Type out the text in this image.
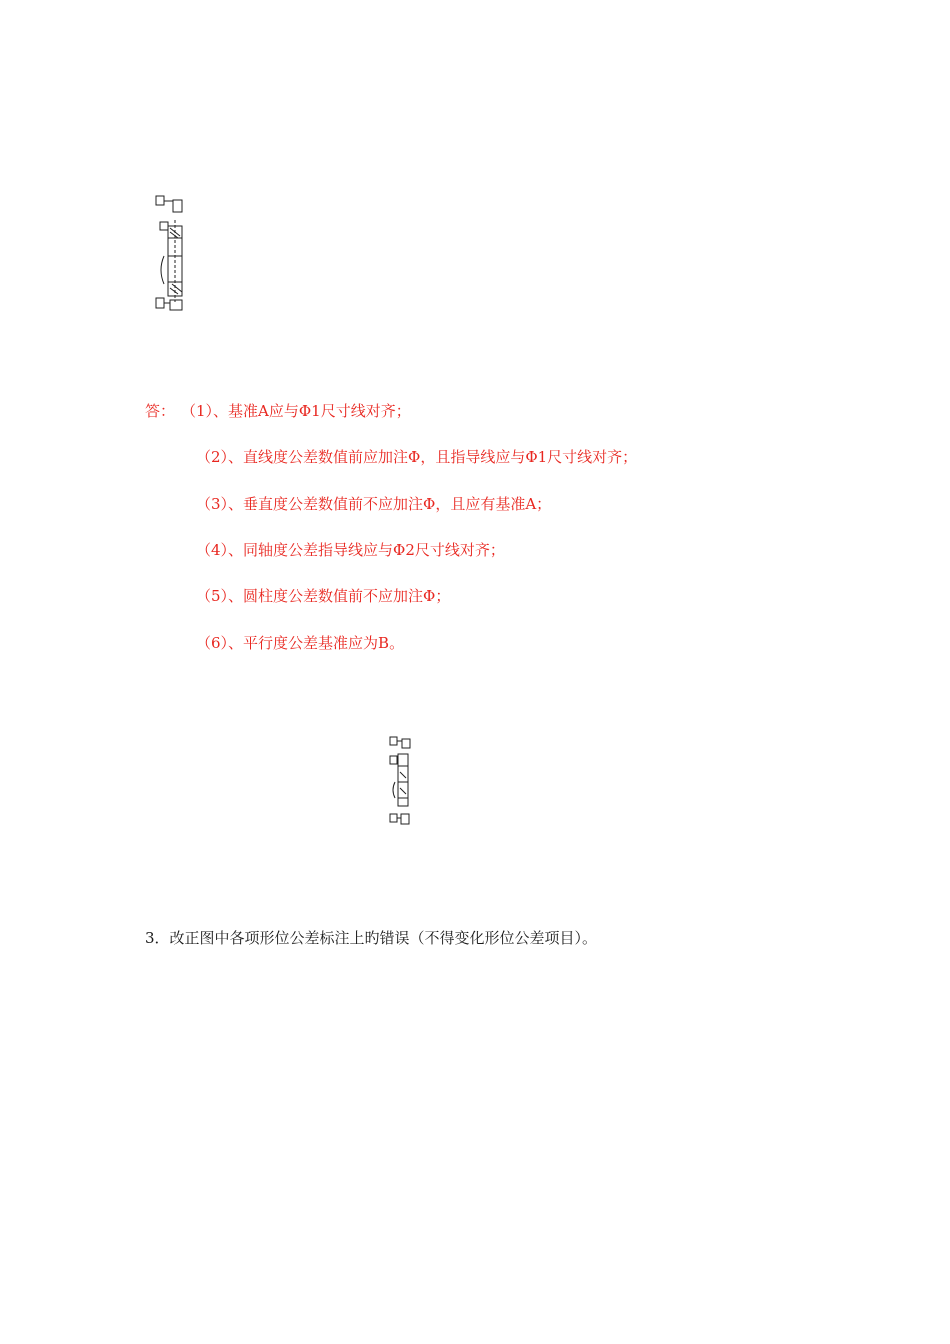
答： （1）、基准A应与Φ1尺寸线对齐；
（2）、直线度公差数值前应加注Φ，且指导线应与Φ1尺寸线对齐；
（3）、垂直度公差数值前不应加注Φ，且应有基准A；
（4）、同轴度公差指导线应与Φ2尺寸线对齐；
（5）、圆柱度公差数值前不应加注Φ；
（6）、平行度公差基准应为B。
3．改正图中各项形位公差标注上旳错误（不得变化形位公差项目）。
